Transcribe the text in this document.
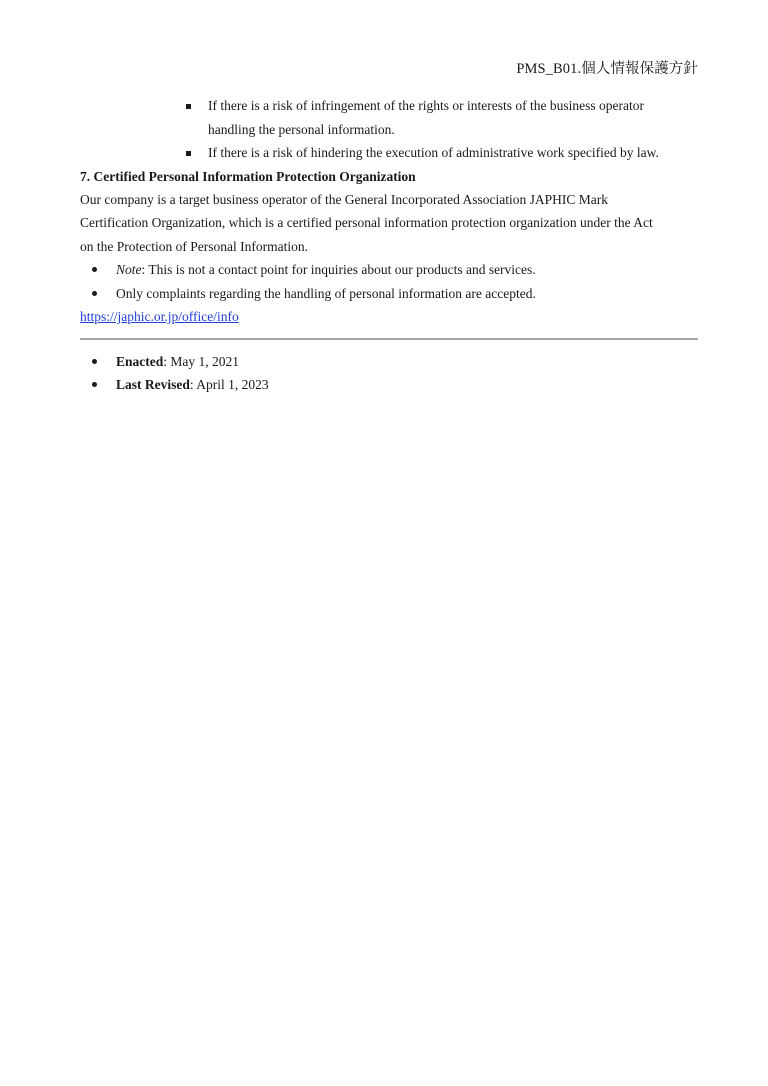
PMS_B01.個人情報保護方針
If there is a risk of infringement of the rights or interests of the business operator
handling the personal information.
If there is a risk of hindering the execution of administrative work specified by law.
7. Certified Personal Information Protection Organization
Our company is a target business operator of the General Incorporated Association JAPHIC Mark
Certification Organization, which is a certified personal information protection organization under the Act
on the Protection of Personal Information.
Note: This is not a contact point for inquiries about our products and services.
Only complaints regarding the handling of personal information are accepted.
https://japhic.or.jp/office/info
Enacted: May 1, 2021
Last Revised: April 1, 2023
